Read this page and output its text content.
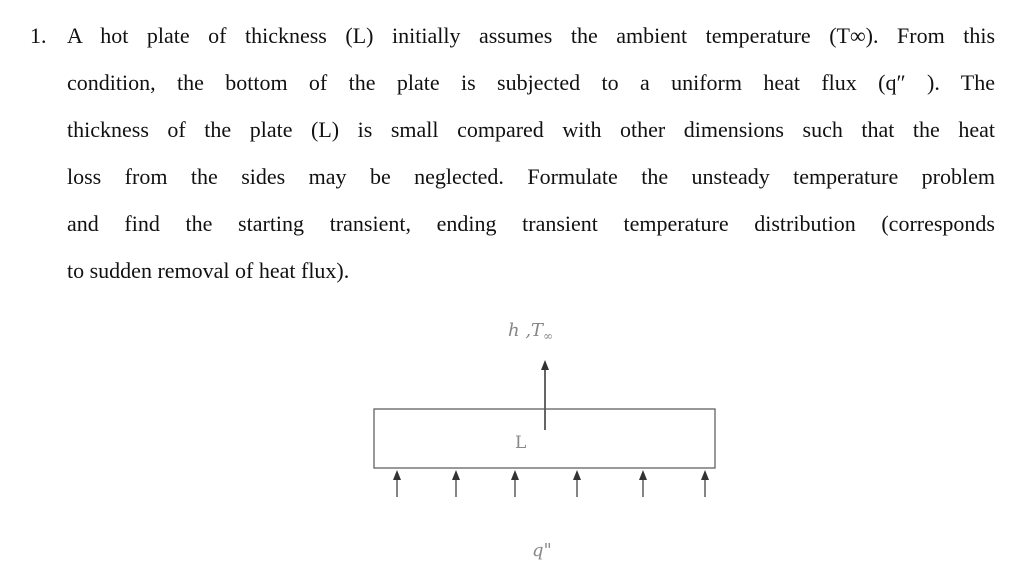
1. A hot plate of thickness (L) initially assumes the ambient temperature (T∞). From this
condition, the bottom of the plate is subjected to a uniform heat flux (q″ ). The
thickness of the plate (L) is small compared with other dimensions such that the heat
loss from the sides may be neglected. Formulate the unsteady temperature problem
and find the starting transient, ending transient temperature distribution (corresponds
to sudden removal of heat flux).
h $,T_\infty$
L
q"
